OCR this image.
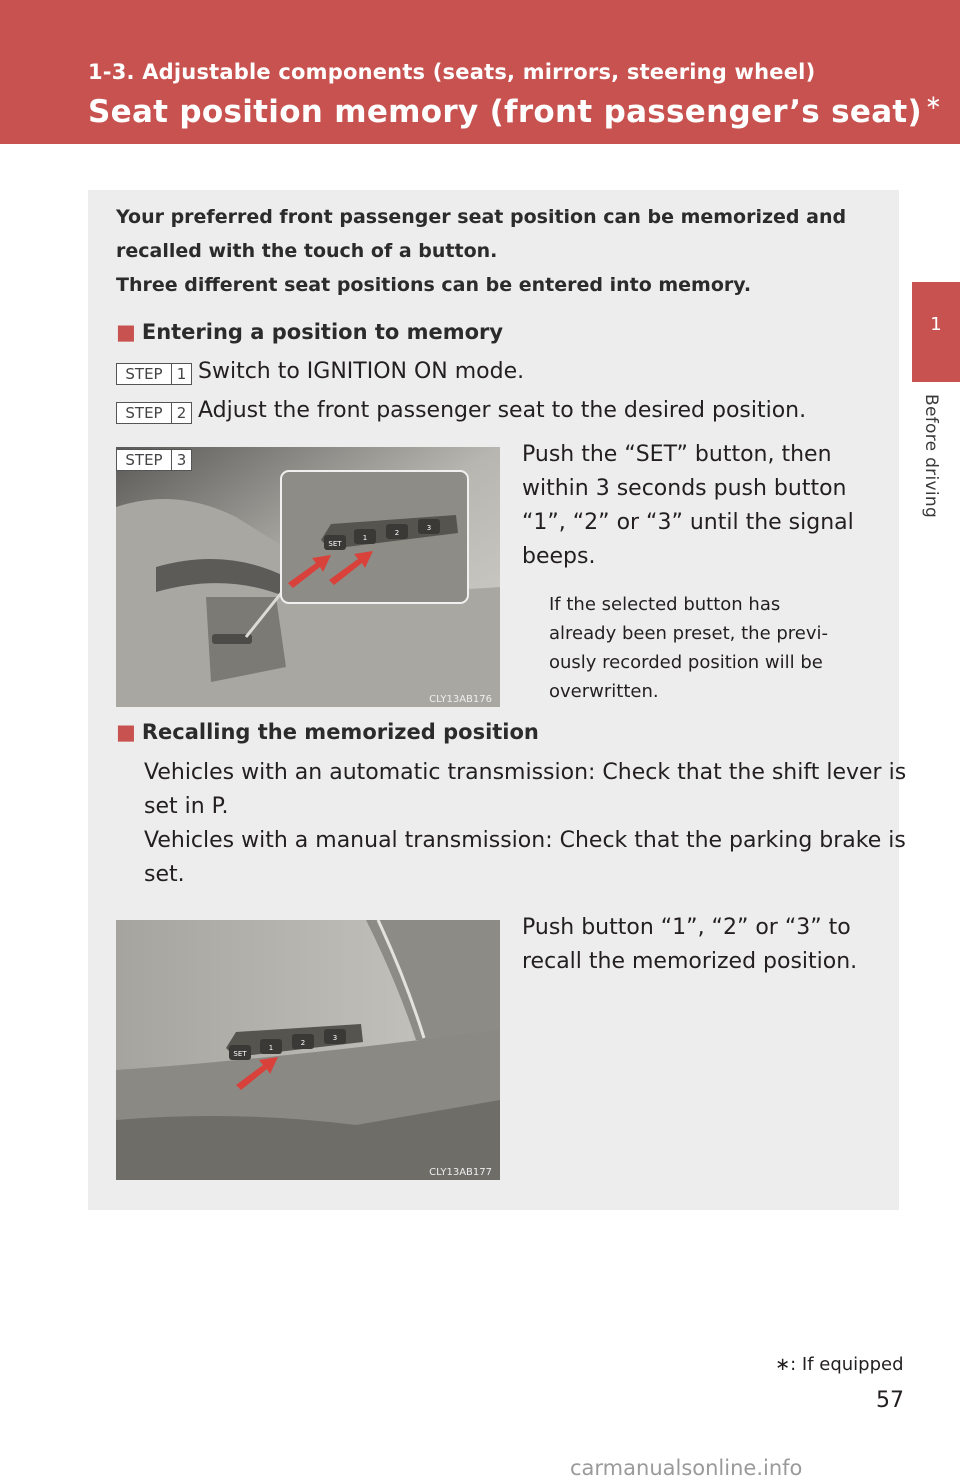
1-3. Adjustable components (seats, mirrors, steering wheel)
Seat position memory (front passenger’s seat) ∗
1
Before driving
Your preferred front passenger seat position can be memorized and
recalled with the touch of a button.
Three different seat positions can be entered into memory.
■ Entering a position to memory
STEP 1 Switch to IGNITION ON mode.
STEP 2 Adjust the front passenger seat to the desired position.
SET
1
2
3
CLY13AB176
STEP 3	Push the “SET” button, then
within 3 seconds push button
“1”, “2” or “3” until the signal
beeps.
If the selected button has
already been preset, the previ-
ously recorded position will be
overwritten.
■ Recalling the memorized position
Vehicles with an automatic transmission: Check that the shift lever is
set in P.
Vehicles with a manual transmission: Check that the parking brake is
set.
SET
1
2
3
CLY13AB177
Push button “1”, “2” or “3” to
recall the memorized position.
∗: If equipped
57
carmanualsonline.info
